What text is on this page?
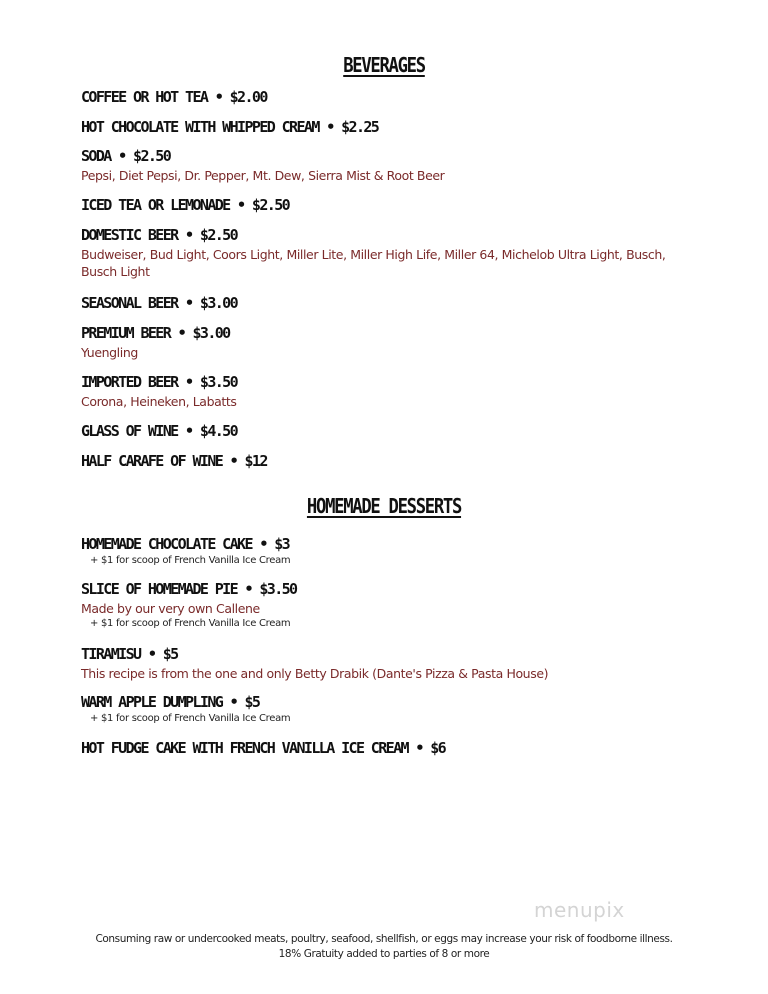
BEVERAGES
COFFEE OR HOT TEA • $2.00
HOT CHOCOLATE WITH WHIPPED CREAM • $2.25
SODA • $2.50
Pepsi, Diet Pepsi, Dr. Pepper, Mt. Dew, Sierra Mist & Root Beer
ICED TEA OR LEMONADE • $2.50
DOMESTIC BEER • $2.50
Budweiser, Bud Light, Coors Light, Miller Lite, Miller High Life, Miller 64, Michelob Ultra Light, Busch, Busch Light
SEASONAL BEER • $3.00
PREMIUM BEER • $3.00
Yuengling
IMPORTED BEER • $3.50
Corona, Heineken, Labatts
GLASS OF WINE • $4.50
HALF CARAFE OF WINE • $12
HOMEMADE DESSERTS
HOMEMADE CHOCOLATE CAKE • $3
+ $1 for scoop of French Vanilla Ice Cream
SLICE OF HOMEMADE PIE • $3.50
Made by our very own Callene
+ $1 for scoop of French Vanilla Ice Cream
TIRAMISU • $5
This recipe is from the one and only Betty Drabik (Dante's Pizza & Pasta House)
WARM APPLE DUMPLING • $5
+ $1 for scoop of French Vanilla Ice Cream
HOT FUDGE CAKE WITH FRENCH VANILLA ICE CREAM • $6
menupix
Consuming raw or undercooked meats, poultry, seafood, shellfish, or eggs may increase your risk of foodborne illness.
18% Gratuity added to parties of 8 or more
